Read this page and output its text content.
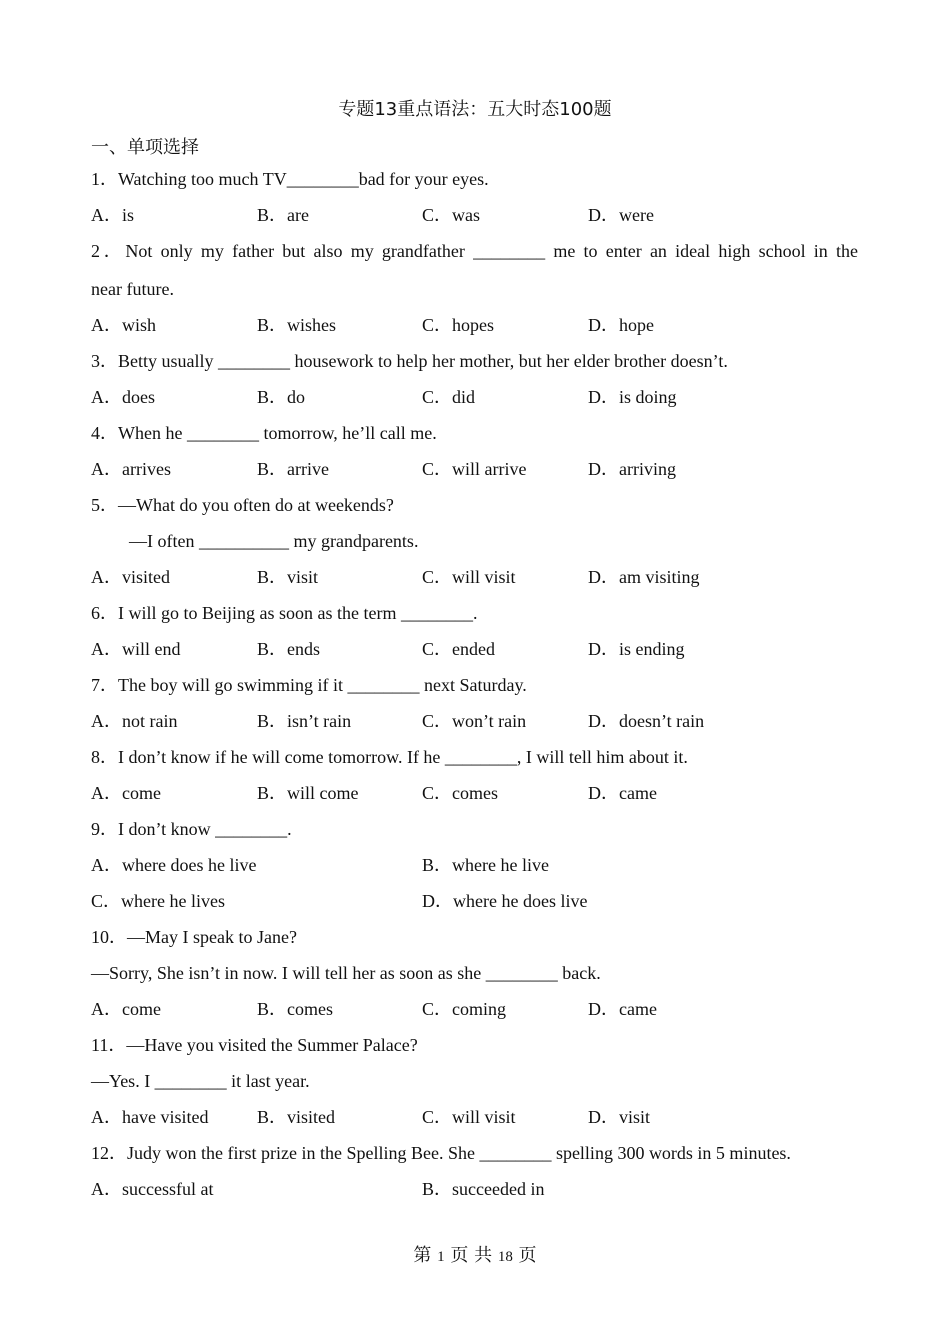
专题13重点语法：五大时态100题
一、单项选择
1．Watching too much TV________bad for your eyes.
A．is	B．are	C．was	D．were
2．Not only my father but also my grandfather ________ me to enter an ideal high school in the
near future.
A．wish	B．wishes	C．hopes	D．hope
3．Betty usually ________ housework to help her mother, but her elder brother doesn’t.
A．does	B．do	C．did	D．is doing
4．When he ________ tomorrow, he’ll call me.
A．arrives	B．arrive	C．will arrive	D．arriving
5．—What do you often do at weekends?
—I often __________ my grandparents.
A．visited	B．visit	C．will visit	D．am visiting
6．I will go to Beijing as soon as the term ________.
A．will end	B．ends	C．ended	D．is ending
7．The boy will go swimming if it ________ next Saturday.
A．not rain	B．isn’t rain	C．won’t rain	D．doesn’t rain
8．I don’t know if he will come tomorrow. If he ________, I will tell him about it.
A．come	B．will come	C．comes	D．came
9．I don’t know ________.
A．where does he live	B．where he live
C．where he lives	D．where he does live
10．—May I speak to Jane?
—Sorry, She isn’t in now. I will tell her as soon as she ________ back.
A．come	B．comes	C．coming	D．came
11．—Have you visited the Summer Palace?
—Yes. I ________ it last year.
A．have visited	B．visited	C．will visit	D．visit
12．Judy won the first prize in the Spelling Bee. She ________ spelling 300 words in 5 minutes.
A．successful at	B．succeeded in
第 1 页 共 18 页
